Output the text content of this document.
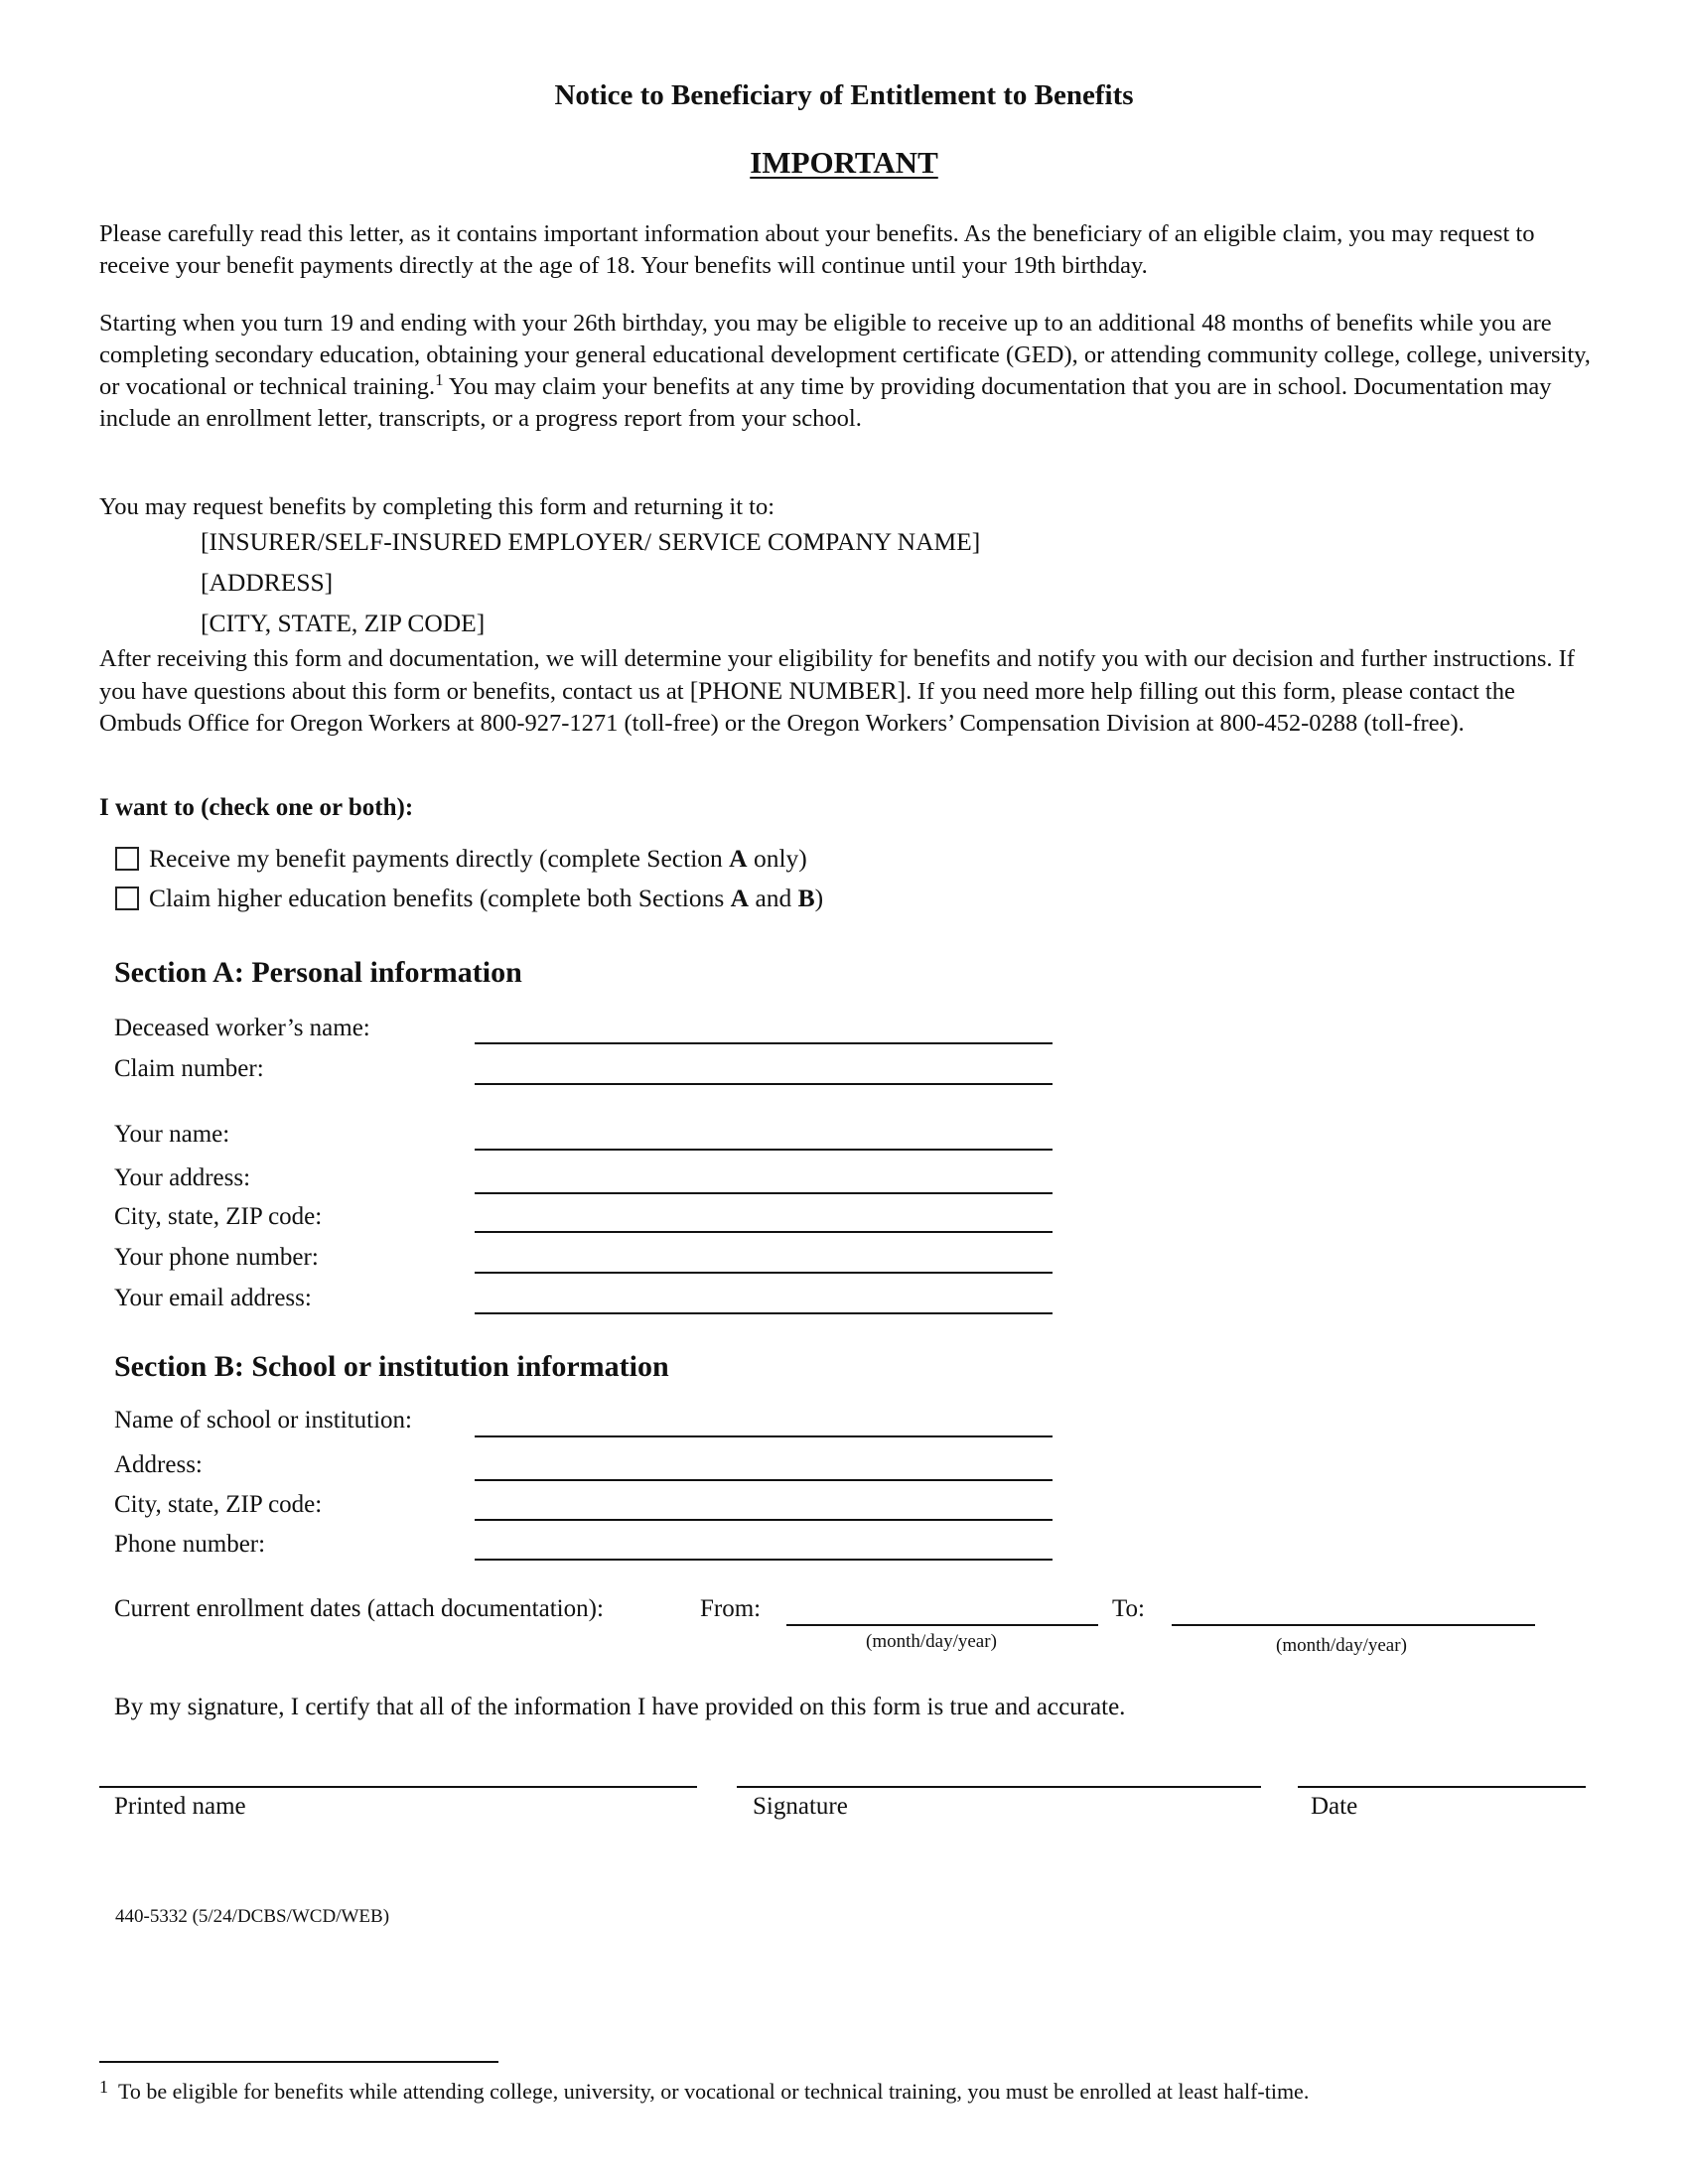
Notice to Beneficiary of Entitlement to Benefits
IMPORTANT

Please carefully read this letter, as it contains important information about your benefits. As the beneficiary of an eligible claim, you may request to receive your benefit payments directly at the age of 18. Your benefits will continue until your 19th birthday.

Starting when you turn 19 and ending with your 26th birthday, you may be eligible to receive up to an additional 48 months of benefits while you are completing secondary education, obtaining your general educational development certificate (GED), or attending community college, college, university, or vocational or technical training.$^1$ You may claim your benefits at any time by providing documentation that you are in school. Documentation may include an enrollment letter, transcripts, or a progress report from your school.

You may request benefits by completing this form and returning it to:

[INSURER/SELF-INSURED EMPLOYER/ SERVICE COMPANY NAME]
[ADDRESS]
[CITY, STATE, ZIP CODE]

After receiving this form and documentation, we will determine your eligibility for benefits and notify you with our decision and further instructions. If you have questions about this form or benefits, contact us at [PHONE NUMBER]. If you need more help filling out this form, please contact the Ombuds Office for Oregon Workers at 800-927-1271 (toll-free) or the Oregon Workers’ Compensation Division at 800-452-0288 (toll-free).

I want to (check one or both):
Receive my benefit payments directly (complete Section A only)
Claim higher education benefits (complete both Sections A and B)
Section A: Personal information
Deceased worker’s name:
Claim number:
Your name:
Your address:
City, state, ZIP code:
Your phone number:
Your email address:
Section B: School or institution information
Name of school or institution:
Address:
City, state, ZIP code:
Phone number:
Current enrollment dates (attach documentation):	From:
(month/day/year)
To:
(month/day/year)
By my signature, I certify that all of the information I have provided on this form is true and accurate.
Printed name	Signature	Date
440-5332 (5/24/DCBS/WCD/WEB)
$^1$ To be eligible for benefits while attending college, university, or vocational or technical training, you must be enrolled at least half-time.
